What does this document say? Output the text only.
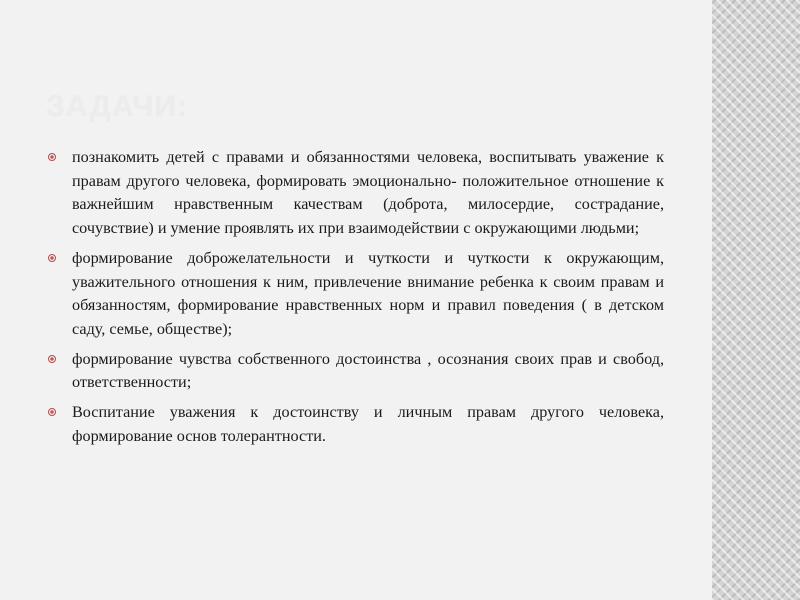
ЗАДАЧИ:
познакомить детей с правами и обязанностями человека, воспитывать уважение к правам другого человека, формировать эмоционально- положительное отношение к важнейшим нравственным качествам (доброта, милосердие, сострадание, сочувствие) и умение проявлять их при взаимодействии с окружающими людьми;
формирование доброжелательности и чуткости и чуткости к окружающим, уважительного отношения к ним, привлечение внимание ребенка к своим правам и обязанностям, формирование нравственных норм и правил поведения ( в детском саду, семье, обществе);
формирование чувства собственного достоинства , осознания своих прав и свобод, ответственности;
Воспитание уважения к достоинству и личным правам другого человека, формирование основ толерантности.
